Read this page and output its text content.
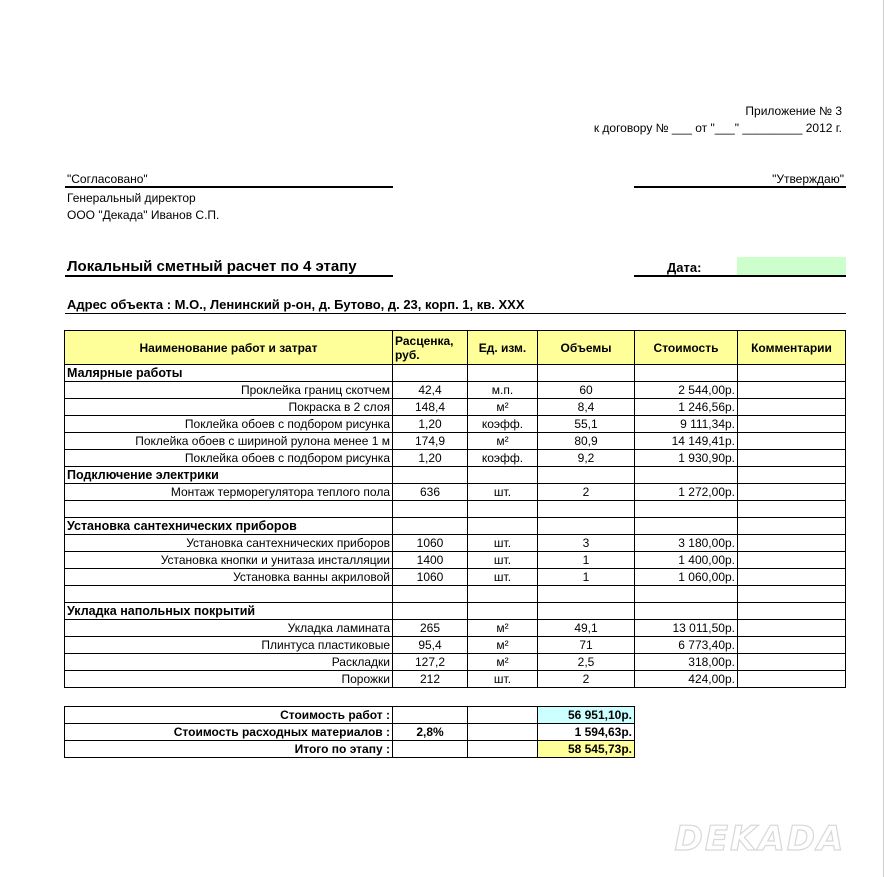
Приложение № 3
к договору № ___ от "___" _________ 2012 г.
"Согласовано"
Генеральный директор
ООО "Декада" Иванов С.П.
"Утверждаю"
Локальный сметный расчет по 4 этапу	Дата:
Адрес объекта : М.О., Ленинский р-он, д. Бутово, д. 23, корп. 1, кв. XXX
Наименование работ и затрат	Расценка, руб.	Ед. изм.	Объемы	Стоимость	Комментарии
Малярные работы					
Проклейка границ скотчем	42,4	м.п.	60	2 544,00р.	
Покраска в 2 слоя	148,4	м²	8,4	1 246,56р.	
Поклейка обоев с подбором рисунка	1,20	коэфф.	55,1	9 111,34р.	
Поклейка обоев с шириной рулона менее 1 м	174,9	м²	80,9	14 149,41р.	
Поклейка обоев с подбором рисунка	1,20	коэфф.	9,2	1 930,90р.	
Подключение электрики					
Монтаж терморегулятора теплого пола	636	шт.	2	1 272,00р.	

Установка сантехнических приборов					
Установка сантехнических приборов	1060	шт.	3	3 180,00р.	
Установка кнопки и унитаза инсталляции	1400	шт.	1	1 400,00р.	
Установка ванны акриловой	1060	шт.	1	1 060,00р.	

Укладка напольных покрытий					
Укладка ламината	265	м²	49,1	13 011,50р.	
Плинтуса пластиковые	95,4	м²	71	6 773,40р.	
Раскладки	127,2	м²	2,5	318,00р.	
Порожки	212	шт.	2	424,00р.	
Стоимость работ :			56 951,10р.
Стоимость расходных материалов :	2,8%		1 594,63р.
Итого по этапу :			58 545,73р.
DEKADA
